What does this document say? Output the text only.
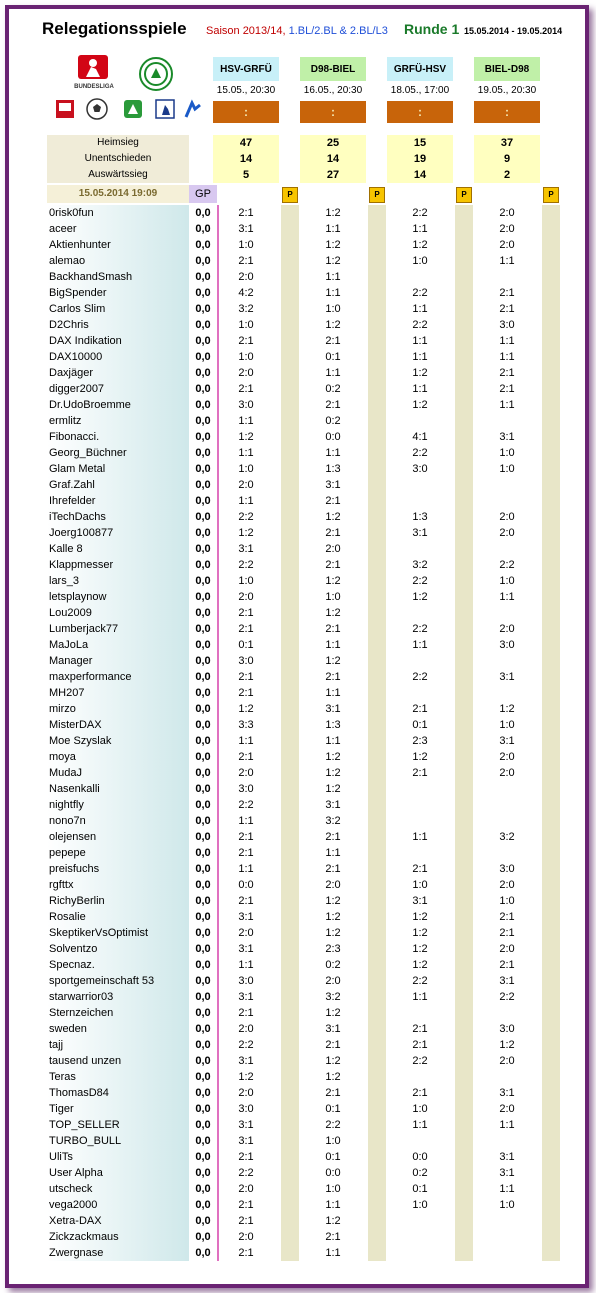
Relegationsspiele Saison 2013/14, 1.BL/2.BL & 2.BL/L3 Runde 1 15.05.2014 - 19.05.2014
BUNDESLIGA
Heimsieg
Unentschieden
Auswärtssieg
15.05.2014 19:09	GP
0risk0fun
aceer
Aktienhunter
alemao
BackhandSmash
BigSpender
Carlos Slim
D2Chris
DAX Indikation
DAX10000
Daxjäger
digger2007
Dr.UdoBroemme
ermlitz
Fibonacci.
Georg_Büchner
Glam Metal
Graf.Zahl
Ihrefelder
iTechDachs
Joerg100877
Kalle 8
Klappmesser
lars_3
letsplaynow
Lou2009
Lumberjack77
MaJoLa
Manager
maxperformance
MH207
mirzo
MisterDAX
Moe Szyslak
moya
MudaJ
Nasenkalli
nightfly
nono7n
olejensen
pepepe
preisfuchs
rgfttx
RichyBerlin
Rosalie
SkeptikerVsOptimist
Solventzo
Specnaz.
sportgemeinschaft 53
starwarrior03
Sternzeichen
sweden
tajj
tausend unzen
Teras
ThomasD84
Tiger
TOP_SELLER
TURBO_BULL
UliTs
User Alpha
utscheck
vega2000
Xetra-DAX
Zickzackmaus
Zwergnase
0,0
0,0
0,0
0,0
0,0
0,0
0,0
0,0
0,0
0,0
0,0
0,0
0,0
0,0
0,0
0,0
0,0
0,0
0,0
0,0
0,0
0,0
0,0
0,0
0,0
0,0
0,0
0,0
0,0
0,0
0,0
0,0
0,0
0,0
0,0
0,0
0,0
0,0
0,0
0,0
0,0
0,0
0,0
0,0
0,0
0,0
0,0
0,0
0,0
0,0
0,0
0,0
0,0
0,0
0,0
0,0
0,0
0,0
0,0
0,0
0,0
0,0
0,0
0,0
0,0
0,0
2:1
3:1
1:0
2:1
2:0
4:2
3:2
1:0
2:1
1:0
2:0
2:1
3:0
1:1
1:2
1:1
1:0
2:0
1:1
2:2
1:2
3:1
2:2
1:0
2:0
2:1
2:1
0:1
3:0
2:1
2:1
1:2
3:3
1:1
2:1
2:0
3:0
2:2
1:1
2:1
2:1
1:1
0:0
2:1
3:1
2:0
3:1
1:1
3:0
3:1
2:1
2:0
2:2
3:1
1:2
2:0
3:0
3:1
3:1
2:1
2:2
2:0
2:1
2:1
2:0
2:1
1:2
1:1
1:2
1:2
1:1
1:1
1:0
1:2
2:1
0:1
1:1
0:2
2:1
0:2
0:0
1:1
1:3
3:1
2:1
1:2
2:1
2:0
2:1
1:2
1:0
1:2
2:1
1:1
1:2
2:1
1:1
3:1
1:3
1:1
1:2
1:2
1:2
3:1
3:2
2:1
1:1
2:1
2:0
1:2
1:2
1:2
2:3
0:2
2:0
3:2
1:2
3:1
2:1
1:2
1:2
2:1
0:1
2:2
1:0
0:1
0:0
1:0
1:1
1:2
2:1
1:1
2:2
1:1
1:2
1:0
2:2
1:1
2:2
1:1
1:1
1:2
1:1
1:2
4:1
2:2
3:0
1:3
3:1
3:2
2:2
1:2
2:2
1:1
2:2
2:1
0:1
2:3
1:2
2:1
1:1
2:1
1:0
3:1
1:2
1:2
1:2
1:2
2:2
1:1
2:1
2:1
2:2
2:1
1:0
1:1
0:0
0:2
0:1
1:0
2:0
2:0
2:0
1:1
2:1
2:1
3:0
1:1
1:1
2:1
2:1
1:1
3:1
1:0
1:0
2:0
2:0
2:2
1:0
1:1
2:0
3:0
3:1
1:2
1:0
3:1
2:0
2:0
3:2
3:0
2:0
1:0
2:1
2:1
2:0
2:1
3:1
2:2
3:0
1:2
2:0
3:1
2:0
1:1
3:1
3:1
1:1
1:0
HSV-GRFÜ
15.05., 20:30
:
47
14
5
P
D98-BIEL
16.05., 20:30
:
25
14
27
P
GRFÜ-HSV
18.05., 17:00
:
15
19
14
P
BIEL-D98
19.05., 20:30
:
37
9
2
P
